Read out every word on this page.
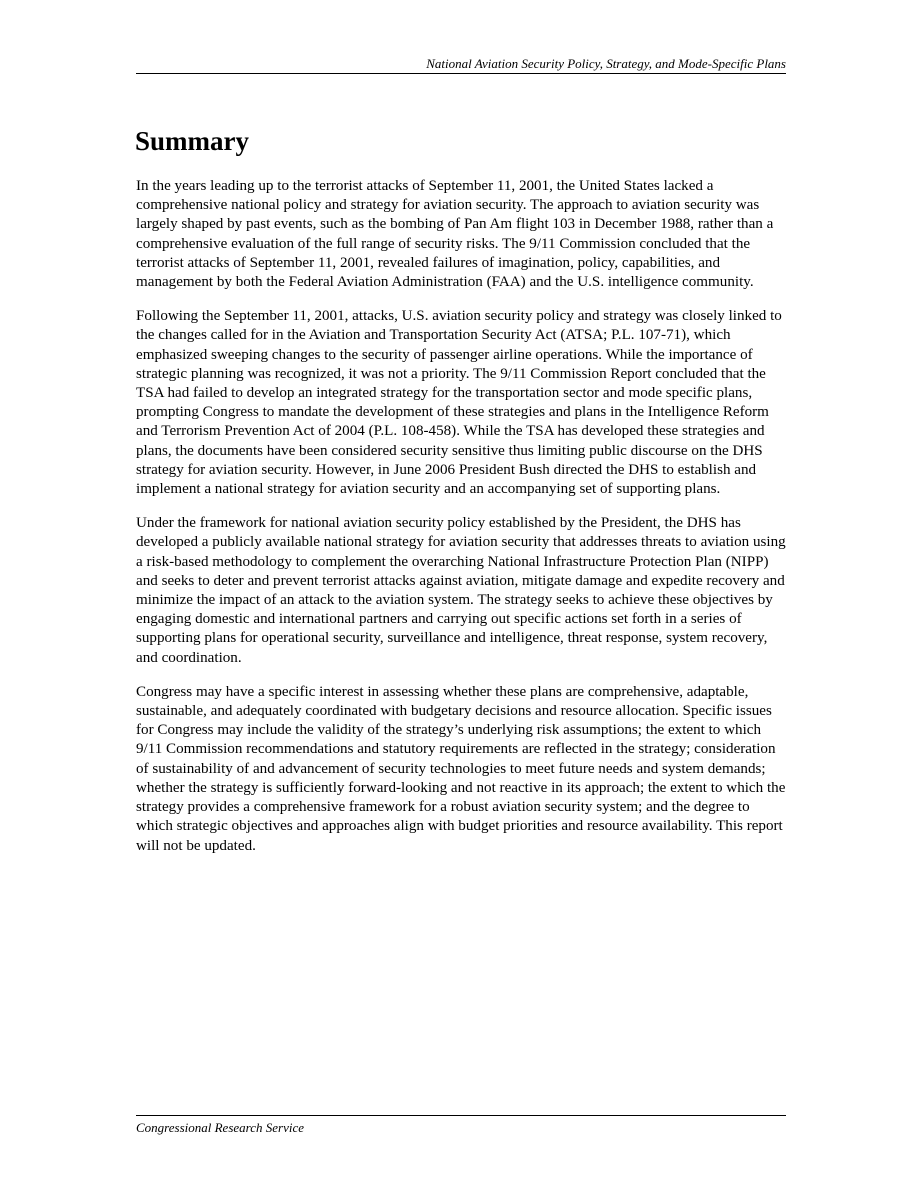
National Aviation Security Policy, Strategy, and Mode-Specific Plans
Summary

In the years leading up to the terrorist attacks of September 11, 2001, the United States lacked a comprehensive national policy and strategy for aviation security. The approach to aviation security was largely shaped by past events, such as the bombing of Pan Am flight 103 in December 1988, rather than a comprehensive evaluation of the full range of security risks. The 9/11 Commission concluded that the terrorist attacks of September 11, 2001, revealed failures of imagination, policy, capabilities, and management by both the Federal Aviation Administration (FAA) and the U.S. intelligence community.

Following the September 11, 2001, attacks, U.S. aviation security policy and strategy was closely linked to the changes called for in the Aviation and Transportation Security Act (ATSA; P.L. 107-71), which emphasized sweeping changes to the security of passenger airline operations. While the importance of strategic planning was recognized, it was not a priority. The 9/11 Commission Report concluded that the TSA had failed to develop an integrated strategy for the transportation sector and mode specific plans, prompting Congress to mandate the development of these strategies and plans in the Intelligence Reform and Terrorism Prevention Act of 2004 (P.L. 108-458). While the TSA has developed these strategies and plans, the documents have been considered security sensitive thus limiting public discourse on the DHS strategy for aviation security. However, in June 2006 President Bush directed the DHS to establish and implement a national strategy for aviation security and an accompanying set of supporting plans.

Under the framework for national aviation security policy established by the President, the DHS has developed a publicly available national strategy for aviation security that addresses threats to aviation using a risk-based methodology to complement the overarching National Infrastructure Protection Plan (NIPP) and seeks to deter and prevent terrorist attacks against aviation, mitigate damage and expedite recovery and minimize the impact of an attack to the aviation system. The strategy seeks to achieve these objectives by engaging domestic and international partners and carrying out specific actions set forth in a series of supporting plans for operational security, surveillance and intelligence, threat response, system recovery, and coordination.

Congress may have a specific interest in assessing whether these plans are comprehensive, adaptable, sustainable, and adequately coordinated with budgetary decisions and resource allocation. Specific issues for Congress may include the validity of the strategy’s underlying risk assumptions; the extent to which 9/11 Commission recommendations and statutory requirements are reflected in the strategy; consideration of sustainability of and advancement of security technologies to meet future needs and system demands; whether the strategy is sufficiently forward-looking and not reactive in its approach; the extent to which the strategy provides a comprehensive framework for a robust aviation security system; and the degree to which strategic objectives and approaches align with budget priorities and resource availability. This report will not be updated.

Congressional Research Service
